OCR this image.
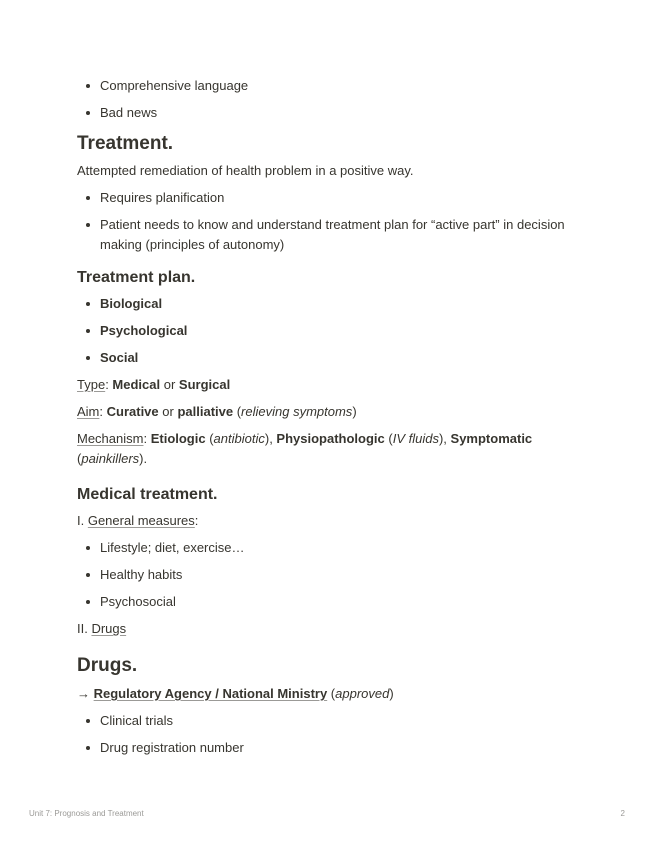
Comprehensive language
Bad news
Treatment.

Attempted remediation of health problem in a positive way.

Requires planification
Patient needs to know and understand treatment plan for “active part” in decision making (principles of autonomy)
Treatment plan.
Biological
Psychological
Social

Type: Medical or Surgical

Aim: Curative or palliative (relieving symptoms)

Mechanism: Etiologic (antibiotic), Physiopathologic (IV fluids), Symptomatic (painkillers).

Medical treatment.

I. General measures:

Lifestyle; diet, exercise…
Healthy habits
Psychosocial

II. Drugs

Drugs.

→ Regulatory Agency / National Ministry (approved)

Clinical trials
Drug registration number
Unit 7: Prognosis and Treatment	2
